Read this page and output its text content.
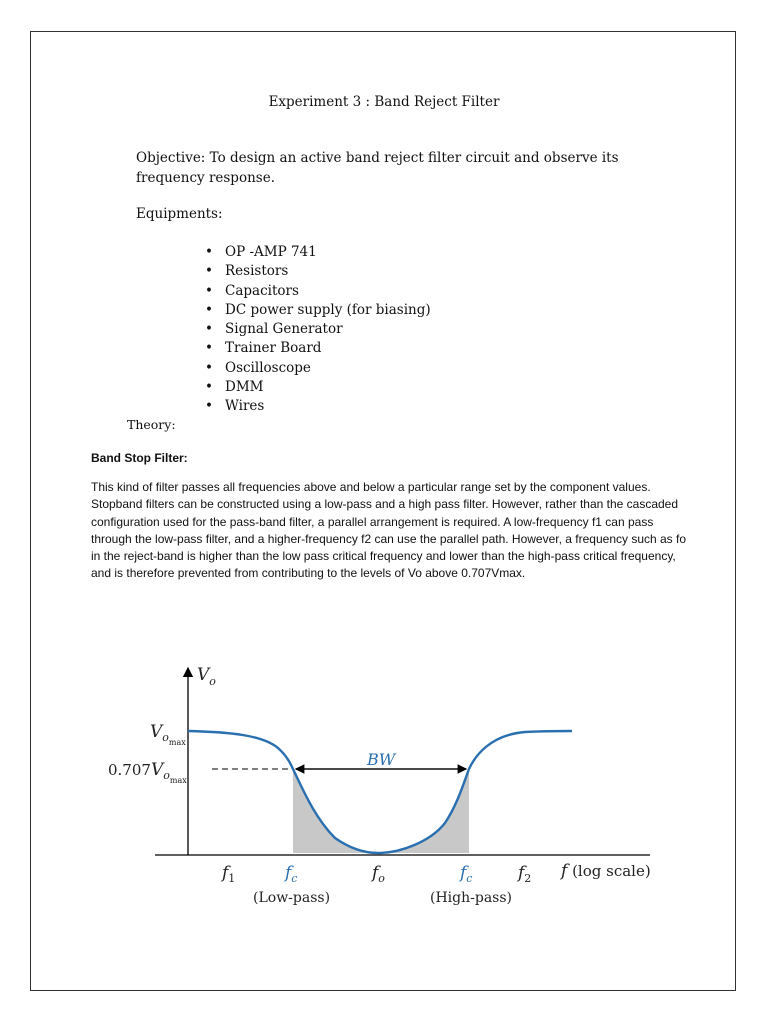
Experiment 3 : Band Reject Filter
Objective: To design an active band reject filter circuit and observe its frequency response.
Equipments:
• OP -AMP 741
• Resistors
• Capacitors
• DC power supply (for biasing)
• Signal Generator
• Trainer Board
• Oscilloscope
• DMM
• Wires
Theory:
Band Stop Filter:

This kind of filter passes all frequencies above and below a particular range set by the component values. Stopband filters can be constructed using a low-pass and a high pass filter. However, rather than the cascaded configuration used for the pass-band filter, a parallel arrangement is required. A low-frequency f1 can pass through the low-pass filter, and a higher-frequency f2 can use the parallel path. However, a frequency such as fo in the reject-band is higher than the low pass critical frequency and lower than the high-pass critical frequency, and is therefore prevented from contributing to the levels of Vo above 0.707Vmax.

$V_o$
$V_{omax}$
$0.707V_{omax}$
BW
$f_1$	$f_c$	$f_o$	$f_c$	$f_2$ f (log scale)
(Low-pass)	(High-pass)
